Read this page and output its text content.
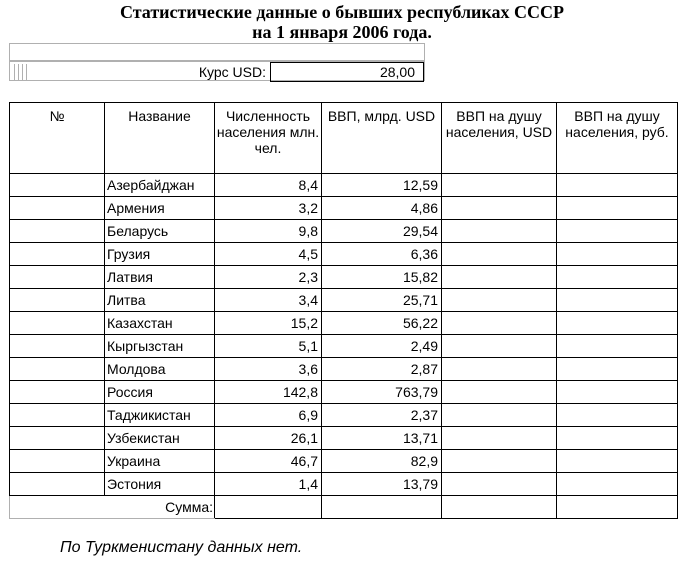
Статистические данные о бывших республиках СССР
на 1 января 2006 года.
Курс USD:	28,00
№	Название	Численность населения млн. чел.	ВВП, млрд. USD	ВВП на душу населения, USD	ВВП на душу населения, руб.
	Азербайджан	8,4	12,59		
	Армения	3,2	4,86		
	Беларусь	9,8	29,54		
	Грузия	4,5	6,36		
	Латвия	2,3	15,82		
	Литва	3,4	25,71		
	Казахстан	15,2	56,22		
	Кыргызстан	5,1	2,49		
	Молдова	3,6	2,87		
	Россия	142,8	763,79		
	Таджикистан	6,9	2,37		
	Узбекистан	26,1	13,71		
	Украина	46,7	82,9		
	Эстония	1,4	13,79		
Сумма:					
По Туркменистану данных нет.
